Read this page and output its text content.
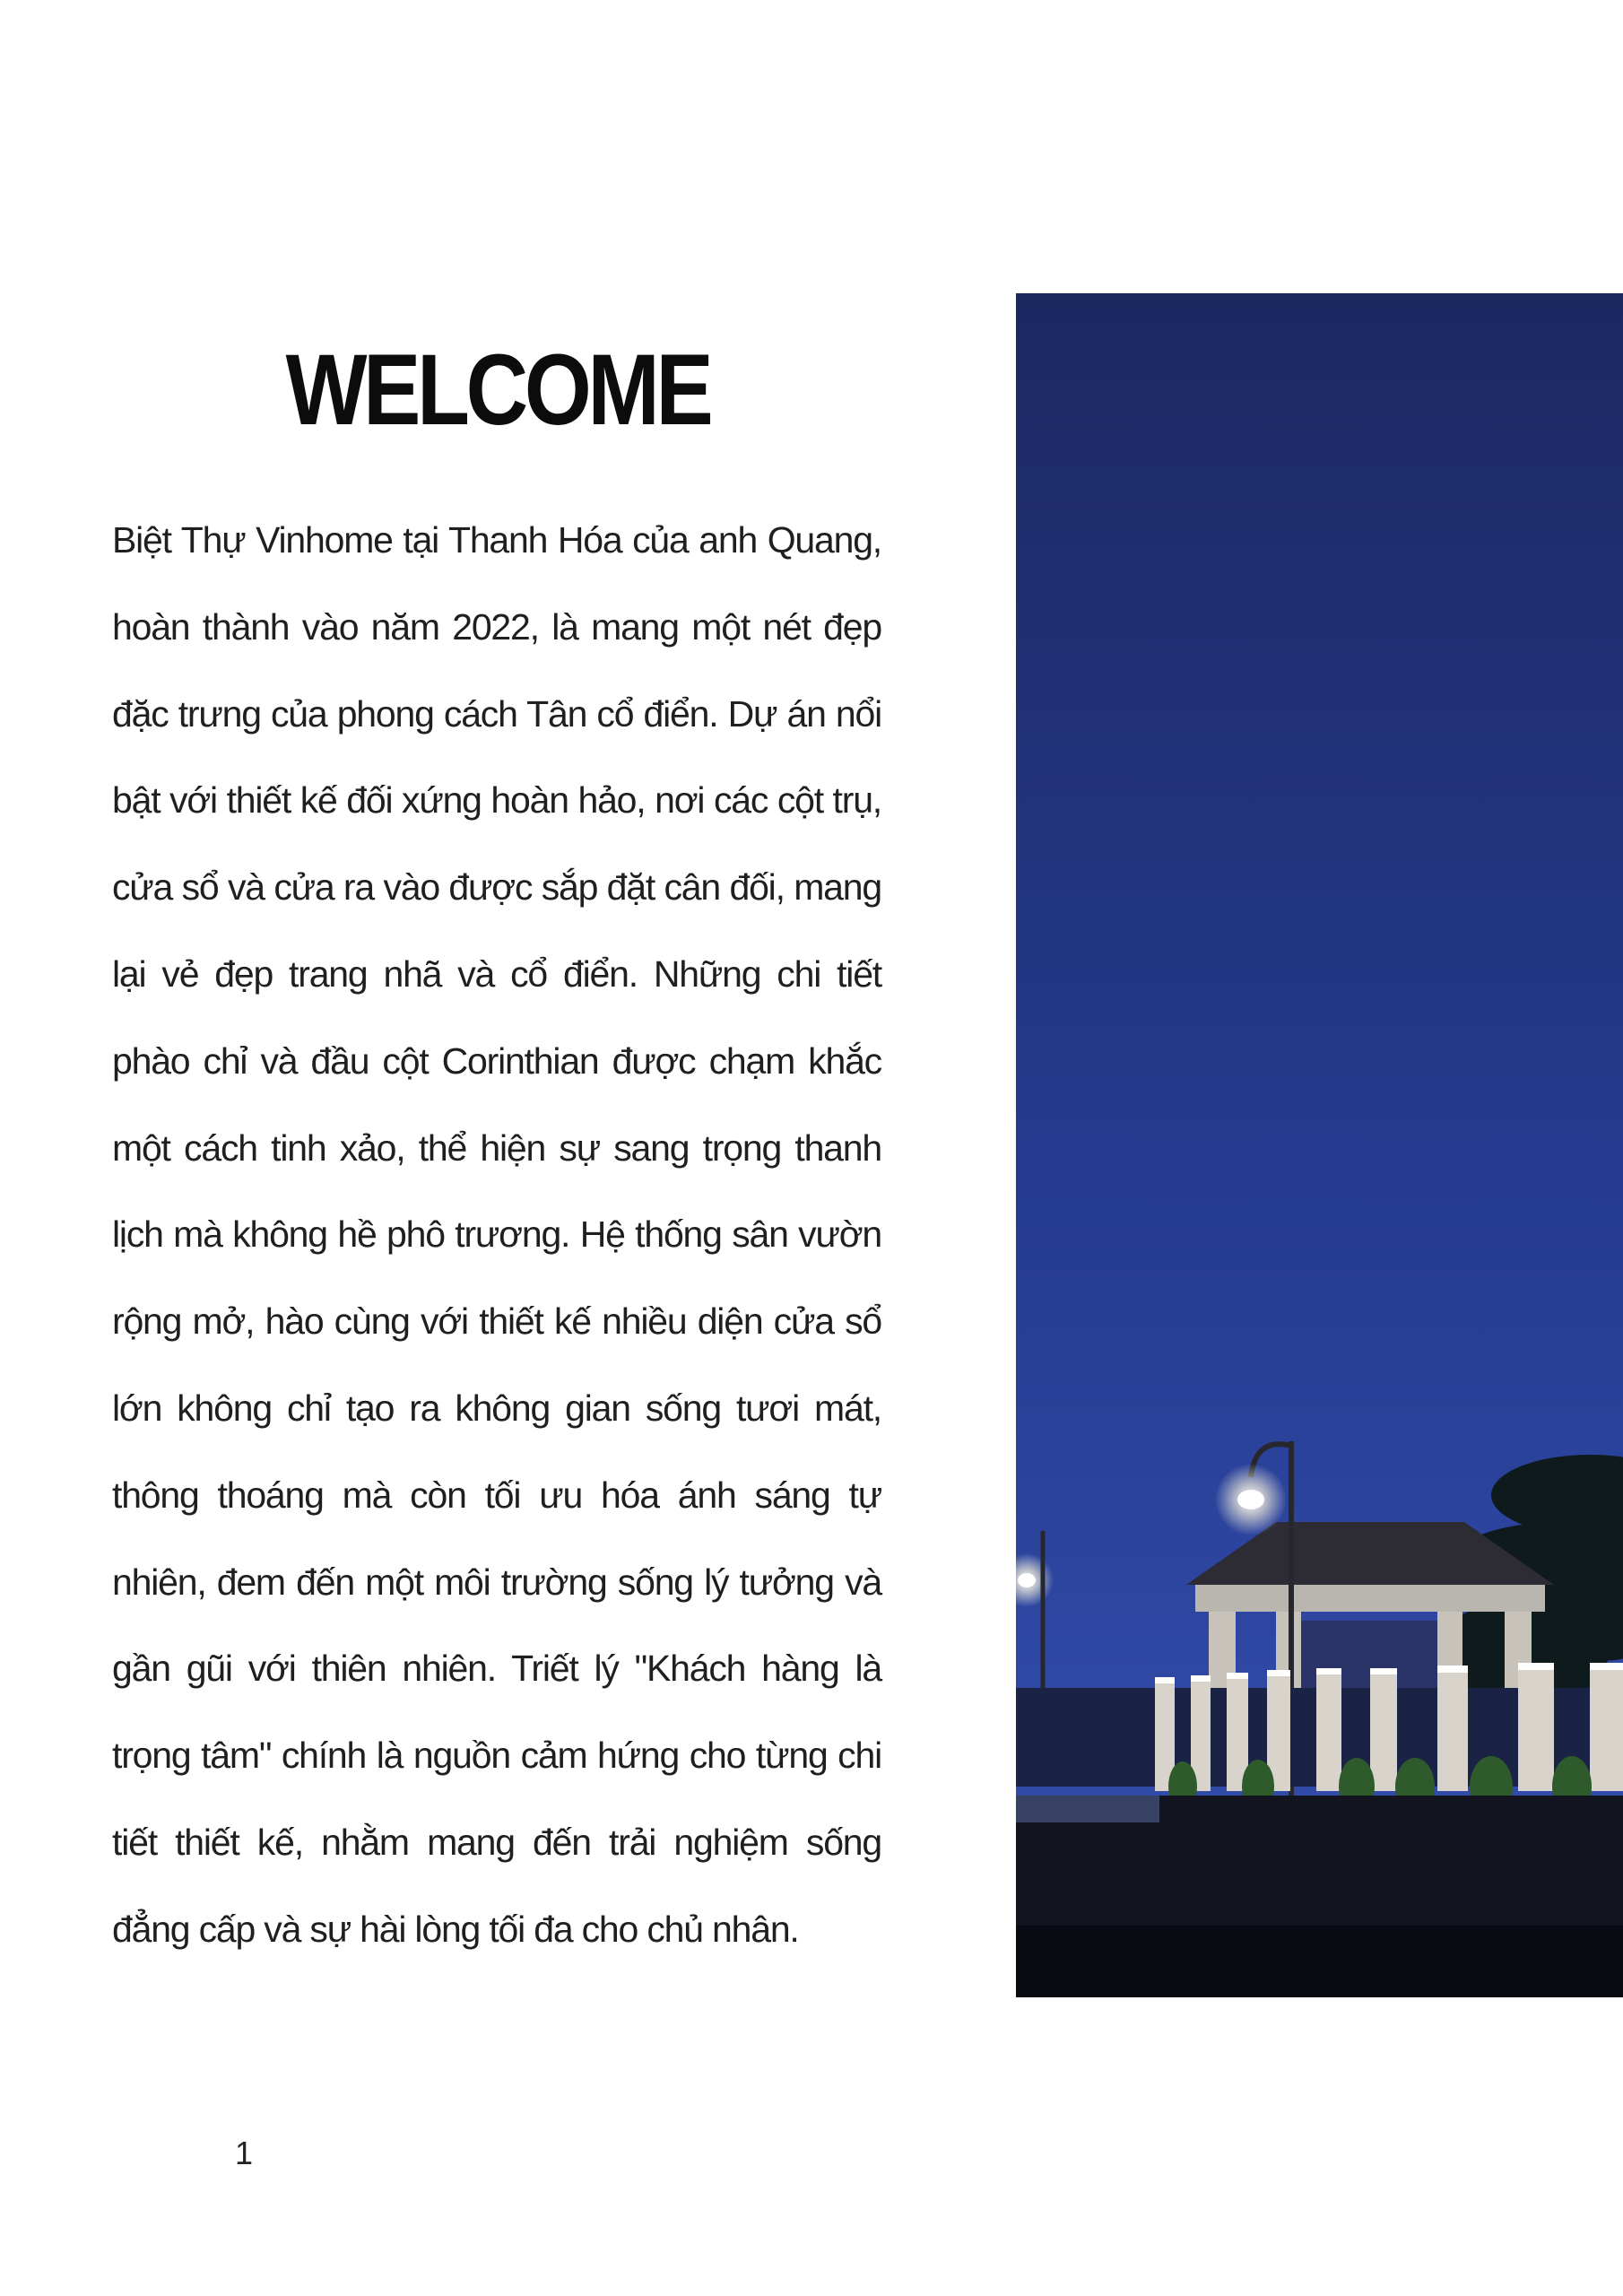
WELCOME

Biệt Thự Vinhome tại Thanh Hóa của anh Quang, hoàn thành vào năm 2022, là mang một nét đẹp đặc trưng của phong cách Tân cổ điển. Dự án nổi bật với thiết kế đối xứng hoàn hảo, nơi các cột trụ, cửa sổ và cửa ra vào được sắp đặt cân đối, mang lại vẻ đẹp trang nhã và cổ điển. Những chi tiết phào chỉ và đầu cột Corinthian được chạm khắc một cách tinh xảo, thể hiện sự sang trọng thanh lịch mà không hề phô trương. Hệ thống sân vườn rộng mở, hào cùng với thiết kế nhiều diện cửa sổ lớn không chỉ tạo ra không gian sống tươi mát, thông thoáng mà còn tối ưu hóa ánh sáng tự nhiên, đem đến một môi trường sống lý tưởng và gần gũi với thiên nhiên. Triết lý "Khách hàng là trọng tâm" chính là nguồn cảm hứng cho từng chi tiết thiết kế, nhằm mang đến trải nghiệm sống đẳng cấp và sự hài lòng tối đa cho chủ nhân.

1
